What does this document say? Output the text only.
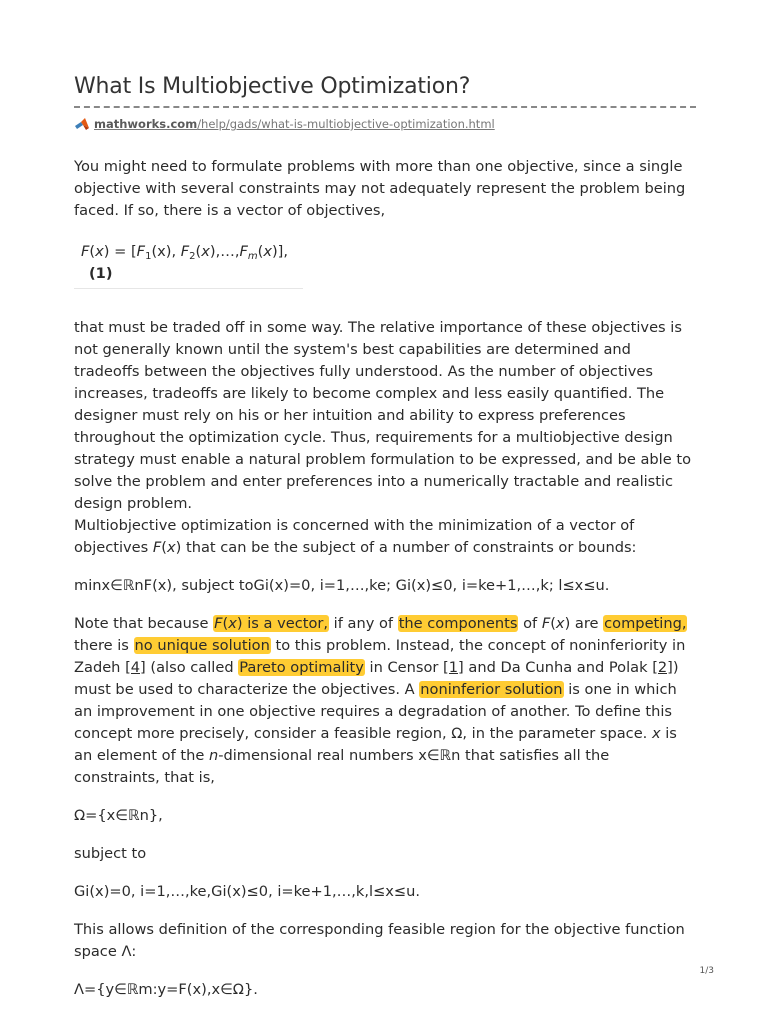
What Is Multiobjective Optimization?
mathworks.com/help/gads/what-is-multiobjective-optimization.html

You might need to formulate problems with more than one objective, since a single objective with several constraints may not adequately represent the problem being faced. If so, there is a vector of objectives,

$F(x) = [F_1(x)$, $F_2(x),\dots,F_m(x)],(1)$

that must be traded off in some way. The relative importance of these objectives is not generally known until the system's best capabilities are determined and tradeoffs between the objectives fully understood. As the number of objectives increases, tradeoffs are likely to become complex and less easily quantified. The designer must rely on his or her intuition and ability to express preferences throughout the optimization cycle. Thus, requirements for a multiobjective design strategy must enable a natural problem formulation to be expressed, and be able to solve the problem and enter preferences into a numerically tractable and realistic design problem.

Multiobjective optimization is concerned with the minimization of a vector of objectives F(x) that can be the subject of a number of constraints or bounds:

minx∈ℝnF(x), subject toGi(x)=0, i=1,…,ke; Gi(x)≤0, i=ke+1,…,k; l≤x≤u.

Note that because F(x) is a vector, if any of the components of F(x) are competing, there is no unique solution to this problem. Instead, the concept of noninferiority in Zadeh [4] (also called Pareto optimality in Censor [1] and Da Cunha and Polak [2]) must be used to characterize the objectives. A noninferior solution is one in which an improvement in one objective requires a degradation of another. To define this concept more precisely, consider a feasible region, Ω, in the parameter space. x is an element of the n-dimensional real numbers x∈ℝn that satisfies all the constraints, that is,

Ω={x∈ℝn},

subject to

Gi(x)=0, i=1,…,ke,Gi(x)≤0, i=ke+1,…,k,l≤x≤u.

This allows definition of the corresponding feasible region for the objective function space Λ:

Λ={y∈ℝm:y=F(x),x∈Ω}.

1/3
